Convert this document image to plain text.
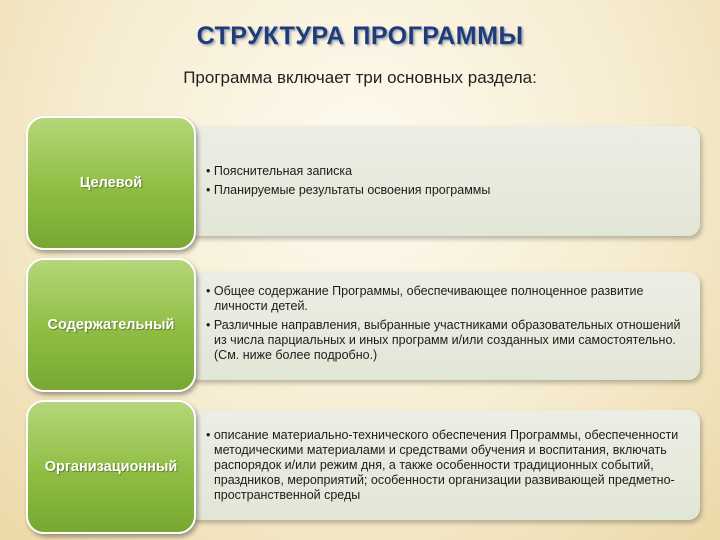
СТРУКТУРА ПРОГРАММЫ
Программа включает три основных раздела:
• Пояснительная записка
• Планируемые результаты освоения программы
Целевой
• Общее содержание Программы, обеспечивающее полноценное развитие личности детей.
• Различные направления, выбранные участниками образовательных отношений из числа парциальных и иных программ и/или созданных ими самостоятельно. (См. ниже более подробно.)
Содержательный
• описание материально-технического обеспечения Программы, обеспеченности методическими материалами и средствами обучения и воспитания, включать распорядок и/или режим дня, а также особенности традиционных событий, праздников, мероприятий; особенности организации развивающей предметно-пространственной среды
Организационный
